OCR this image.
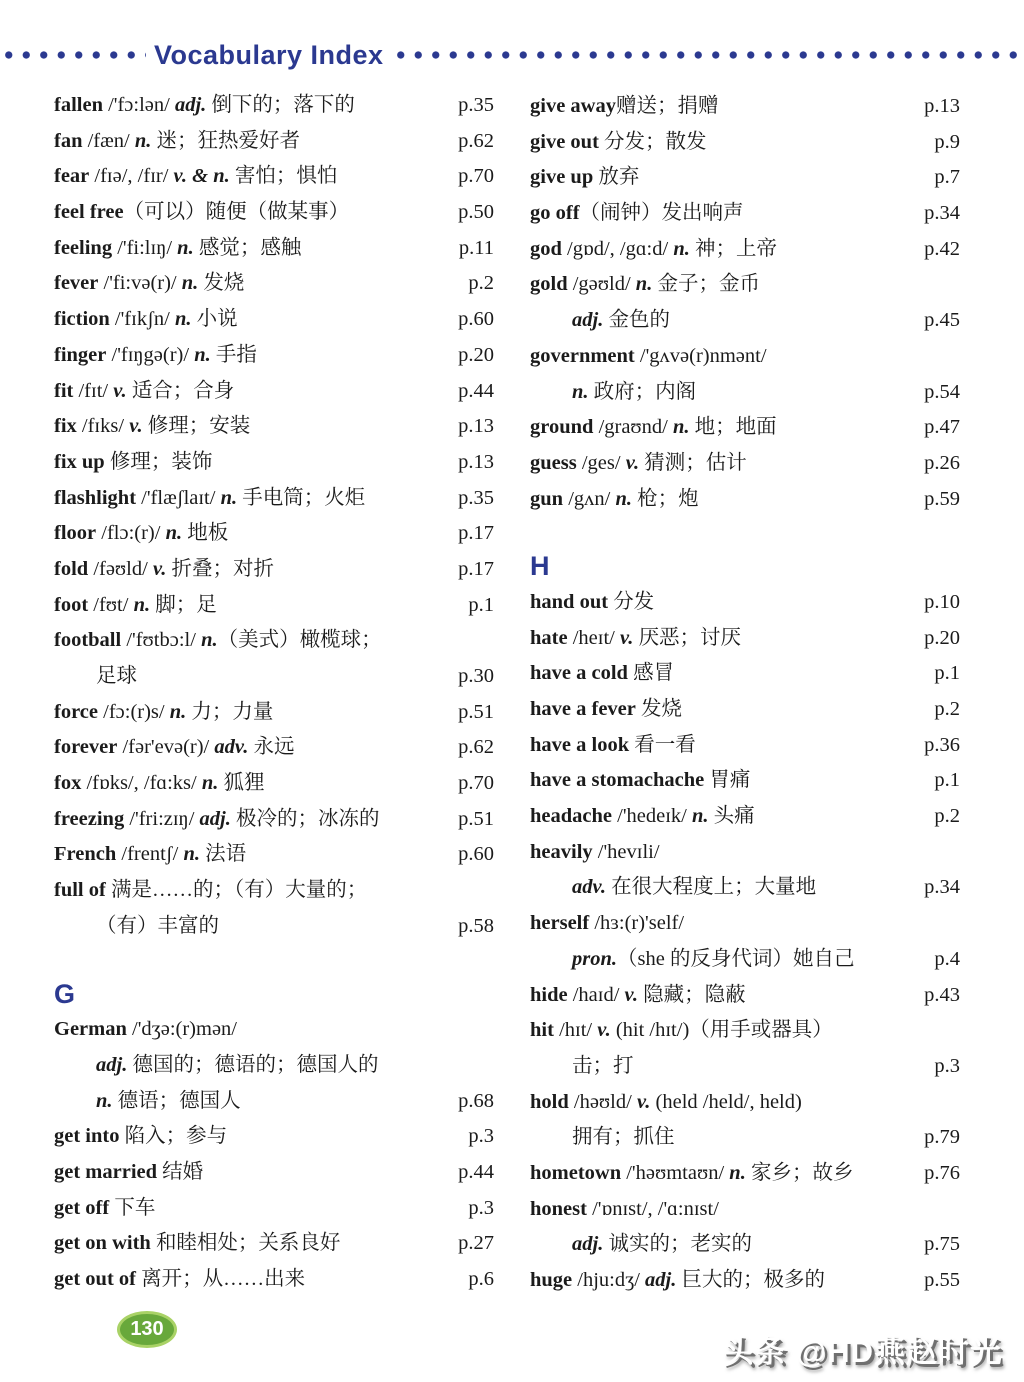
Vocabulary Index
fallen /'fɔ:lən/ adj. 倒下的；落下的	p.35
fan /fæn/ n. 迷；狂热爱好者	p.62
fear /fɪə/, /fɪr/ v. & n. 害怕；惧怕	p.70
feel free（可以）随便（做某事）	p.50
feeling /'fi:lɪŋ/ n. 感觉；感触	p.11
fever /'fi:və(r)/ n. 发烧	p.2
fiction /'fɪkʃn/ n. 小说	p.60
finger /'fɪŋgə(r)/ n. 手指	p.20
fit /fɪt/ v. 适合；合身	p.44
fix /fɪks/ v. 修理；安装	p.13
fix up 修理；装饰	p.13
flashlight /'flæʃlaɪt/ n. 手电筒；火炬	p.35
floor /flɔ:(r)/ n. 地板	p.17
fold /fəʊld/ v. 折叠；对折	p.17
foot /fʊt/ n. 脚；足	p.1
football /'fʊtbɔ:l/ n.（美式）橄榄球；
足球	p.30
force /fɔ:(r)s/ n. 力；力量	p.51
forever /fər'evə(r)/ adv. 永远	p.62
fox /fɒks/, /fɑ:ks/ n. 狐狸	p.70
freezing /'fri:zɪŋ/ adj. 极冷的；冰冻的	p.51
French /frentʃ/ n. 法语	p.60
full of 满是……的；（有）大量的；
（有）丰富的	p.58
G
German /'dʒə:(r)mən/
adj. 德国的；德语的；德国人的
n. 德语；德国人	p.68
get into 陷入；参与	p.3
get married 结婚	p.44
get off 下车	p.3
get on with 和睦相处；关系良好	p.27
get out of 离开；从……出来	p.6
give away赠送；捐赠	p.13
give out 分发；散发	p.9
give up 放弃	p.7
go off（闹钟）发出响声	p.34
god /gɒd/, /gɑ:d/ n. 神；上帝	p.42
gold /gəʊld/ n. 金子；金币
adj. 金色的	p.45
government /'gʌvə(r)nmənt/
n. 政府；内阁	p.54
ground /graʊnd/ n. 地；地面	p.47
guess /ges/ v. 猜测；估计	p.26
gun /gʌn/ n. 枪；炮	p.59
H
hand out 分发	p.10
hate /heɪt/ v. 厌恶；讨厌	p.20
have a cold 感冒	p.1
have a fever 发烧	p.2
have a look 看一看	p.36
have a stomachache 胃痛	p.1
headache /'hedeɪk/ n. 头痛	p.2
heavily /'hevɪli/
adv. 在很大程度上；大量地	p.34
herself /hɜ:(r)'self/
pron.（she 的反身代词）她自己	p.4
hide /haɪd/ v. 隐藏；隐蔽	p.43
hit /hɪt/ v. (hit /hɪt/)（用手或器具）
击；打	p.3
hold /həʊld/ v. (held /held/, held)
拥有；抓住	p.79
hometown /'həʊmtaʊn/ n. 家乡；故乡	p.76
honest /'ɒnɪst/, /'ɑ:nɪst/
adj. 诚实的；老实的	p.75
huge /hju:dʒ/ adj. 巨大的；极多的	p.55
130
头条 @HD燕赵时光
